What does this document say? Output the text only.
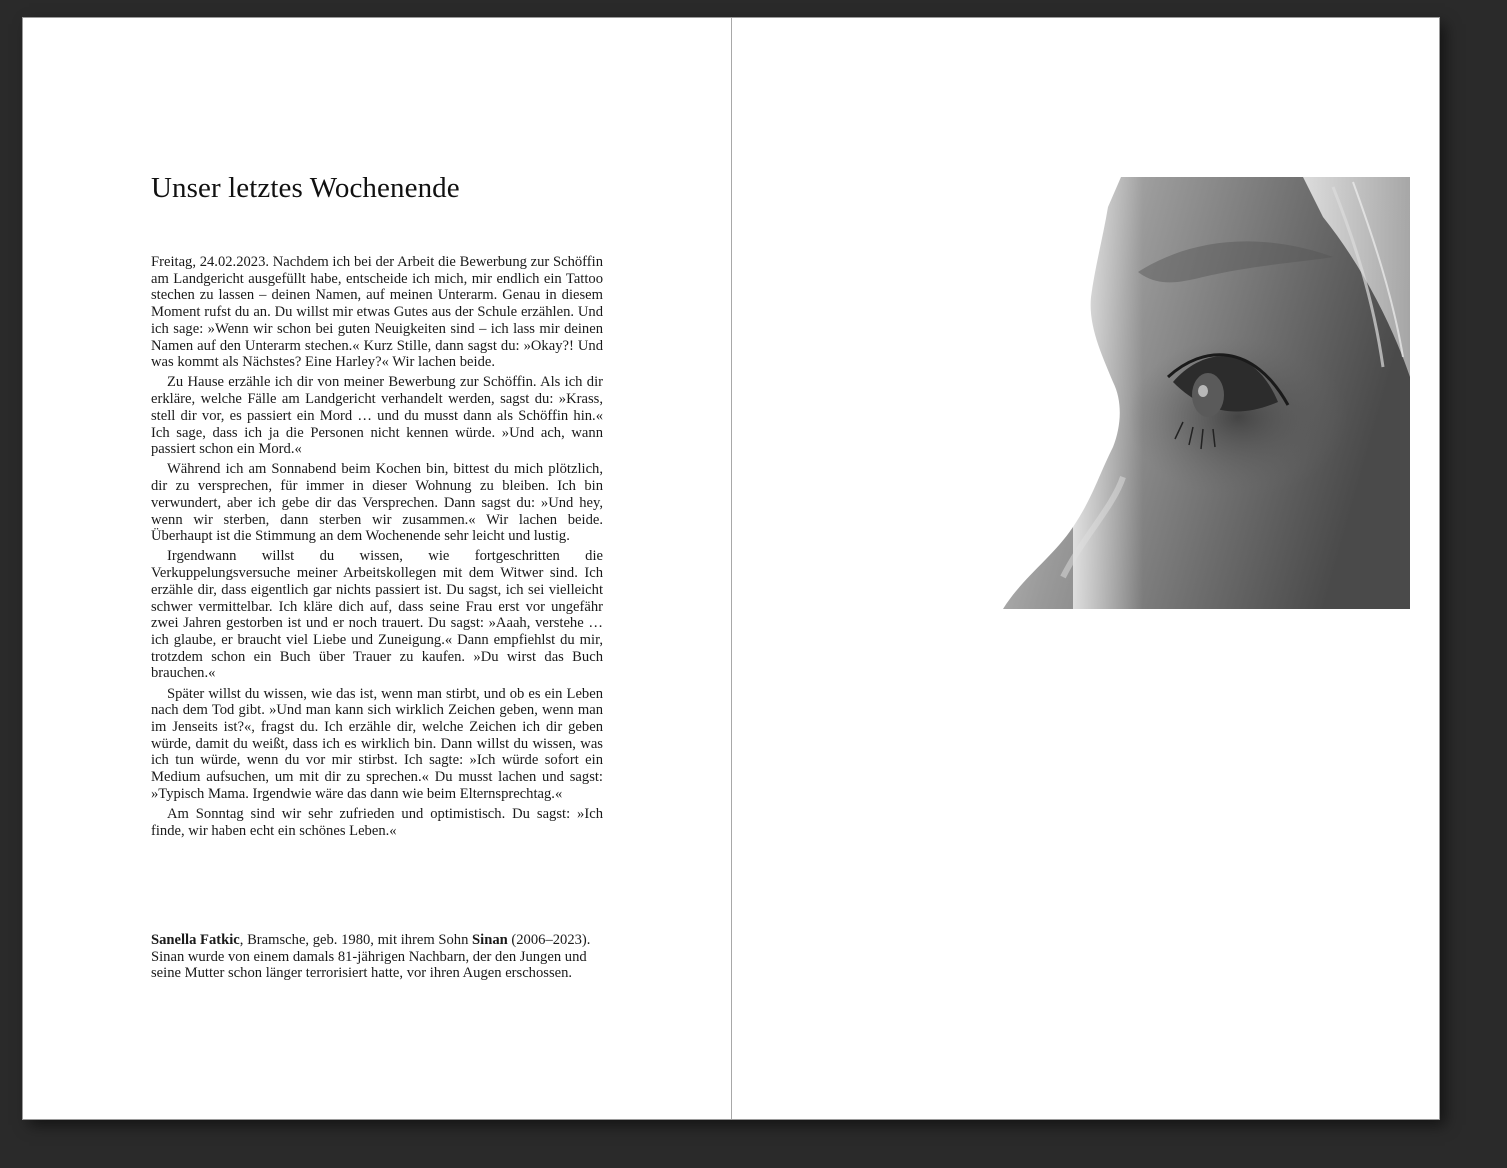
Unser letztes Wochenende

Freitag, 24.02.2023. Nachdem ich bei der Arbeit die Bewerbung zur Schöffin am Landgericht ausgefüllt habe, entscheide ich mich, mir endlich ein Tattoo stechen zu lassen – deinen Namen, auf meinen Unterarm. Genau in diesem Moment rufst du an. Du willst mir etwas Gutes aus der Schule erzählen. Und ich sage: »Wenn wir schon bei guten Neuigkeiten sind – ich lass mir deinen Namen auf den Unterarm stechen.« Kurz Stille, dann sagst du: »Okay?! Und was kommt als Nächstes? Eine Harley?« Wir lachen beide.

Zu Hause erzähle ich dir von meiner Bewerbung zur Schöffin. Als ich dir erkläre, welche Fälle am Landgericht verhandelt werden, sagst du: »Krass, stell dir vor, es passiert ein Mord … und du musst dann als Schöffin hin.« Ich sage, dass ich ja die Personen nicht kennen würde. »Und ach, wann passiert schon ein Mord.«

Während ich am Sonnabend beim Kochen bin, bittest du mich plötzlich, dir zu versprechen, für immer in dieser Wohnung zu bleiben. Ich bin verwundert, aber ich gebe dir das Versprechen. Dann sagst du: »Und hey, wenn wir sterben, dann sterben wir zusammen.« Wir lachen beide. Überhaupt ist die Stimmung an dem Wochenende sehr leicht und lustig.

Irgendwann willst du wissen, wie fortgeschritten die Verkuppelungsversuche meiner Arbeitskollegen mit dem Witwer sind. Ich erzähle dir, dass eigentlich gar nichts passiert ist. Du sagst, ich sei vielleicht schwer vermittelbar. Ich kläre dich auf, dass seine Frau erst vor ungefähr zwei Jahren gestorben ist und er noch trauert. Du sagst: »Aaah, verstehe … ich glaube, er braucht viel Liebe und Zuneigung.« Dann empfiehlst du mir, trotzdem schon ein Buch über Trauer zu kaufen. »Du wirst das Buch brauchen.«

Später willst du wissen, wie das ist, wenn man stirbt, und ob es ein Leben nach dem Tod gibt. »Und man kann sich wirklich Zeichen geben, wenn man im Jenseits ist?«, fragst du. Ich erzähle dir, welche Zeichen ich dir geben würde, damit du weißt, dass ich es wirklich bin. Dann willst du wissen, was ich tun würde, wenn du vor mir stirbst. Ich sagte: »Ich würde sofort ein Medium aufsuchen, um mit dir zu sprechen.« Du musst lachen und sagst: »Typisch Mama. Irgendwie wäre das dann wie beim Elternsprechtag.«

Am Sonntag sind wir sehr zufrieden und optimistisch. Du sagst: »Ich finde, wir haben echt ein schönes Leben.«

Sanella Fatkic, Bramsche, geb. 1980, mit ihrem Sohn Sinan (2006–2023). Sinan wurde von einem damals 81-jährigen Nachbarn, der den Jungen und seine Mutter schon länger terrorisiert hatte, vor ihren Augen erschossen.
